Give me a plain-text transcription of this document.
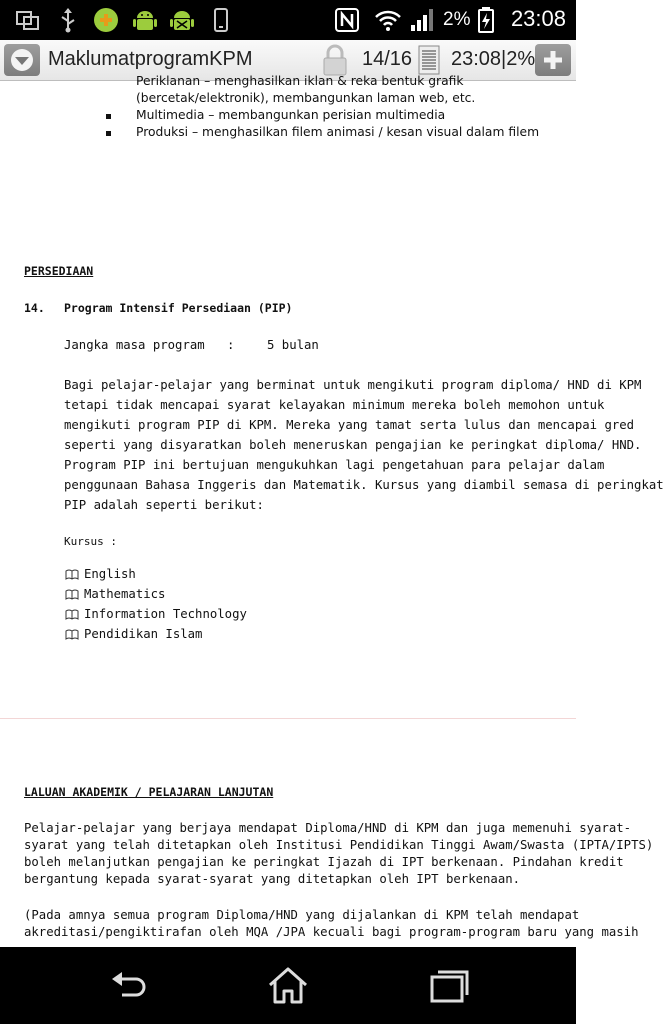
2% 23:08
MaklumatprogramKPM	14/16 23:08|2%
Periklanan – menghasilkan iklan & reka bentuk grafik
(bercetak/elektronik), membangunkan laman web, etc.
Multimedia – membangunkan perisian multimedia
Produksi – menghasilkan filem animasi / kesan visual dalam filem
PERSEDIAAN
14. Program Intensif Persediaan (PIP)
Jangka masa program :	5 bulan
Bagi pelajar-pelajar yang berminat untuk mengikuti program diploma/ HND di KPM
tetapi tidak mencapai syarat kelayakan minimum mereka boleh memohon untuk
mengikuti program PIP di KPM. Mereka yang tamat serta lulus dan mencapai gred
seperti yang disyaratkan boleh meneruskan pengajian ke peringkat diploma/ HND.
Program PIP ini bertujuan mengukuhkan lagi pengetahuan para pelajar dalam
penggunaan Bahasa Inggeris dan Matematik. Kursus yang diambil semasa di peringkat
PIP adalah seperti berikut:
Kursus :
English
Mathematics
Information Technology
Pendidikan Islam
LALUAN AKADEMIK / PELAJARAN LANJUTAN
Pelajar-pelajar yang berjaya mendapat Diploma/HND di KPM dan juga memenuhi syarat-
syarat yang telah ditetapkan oleh Institusi Pendidikan Tinggi Awam/Swasta (IPTA/IPTS)
boleh melanjutkan pengajian ke peringkat Ijazah di IPT berkenaan. Pindahan kredit
bergantung kepada syarat-syarat yang ditetapkan oleh IPT berkenaan.
(Pada amnya semua program Diploma/HND yang dijalankan di KPM telah mendapat
akreditasi/pengiktirafan oleh MQA /JPA kecuali bagi program-program baru yang masih
